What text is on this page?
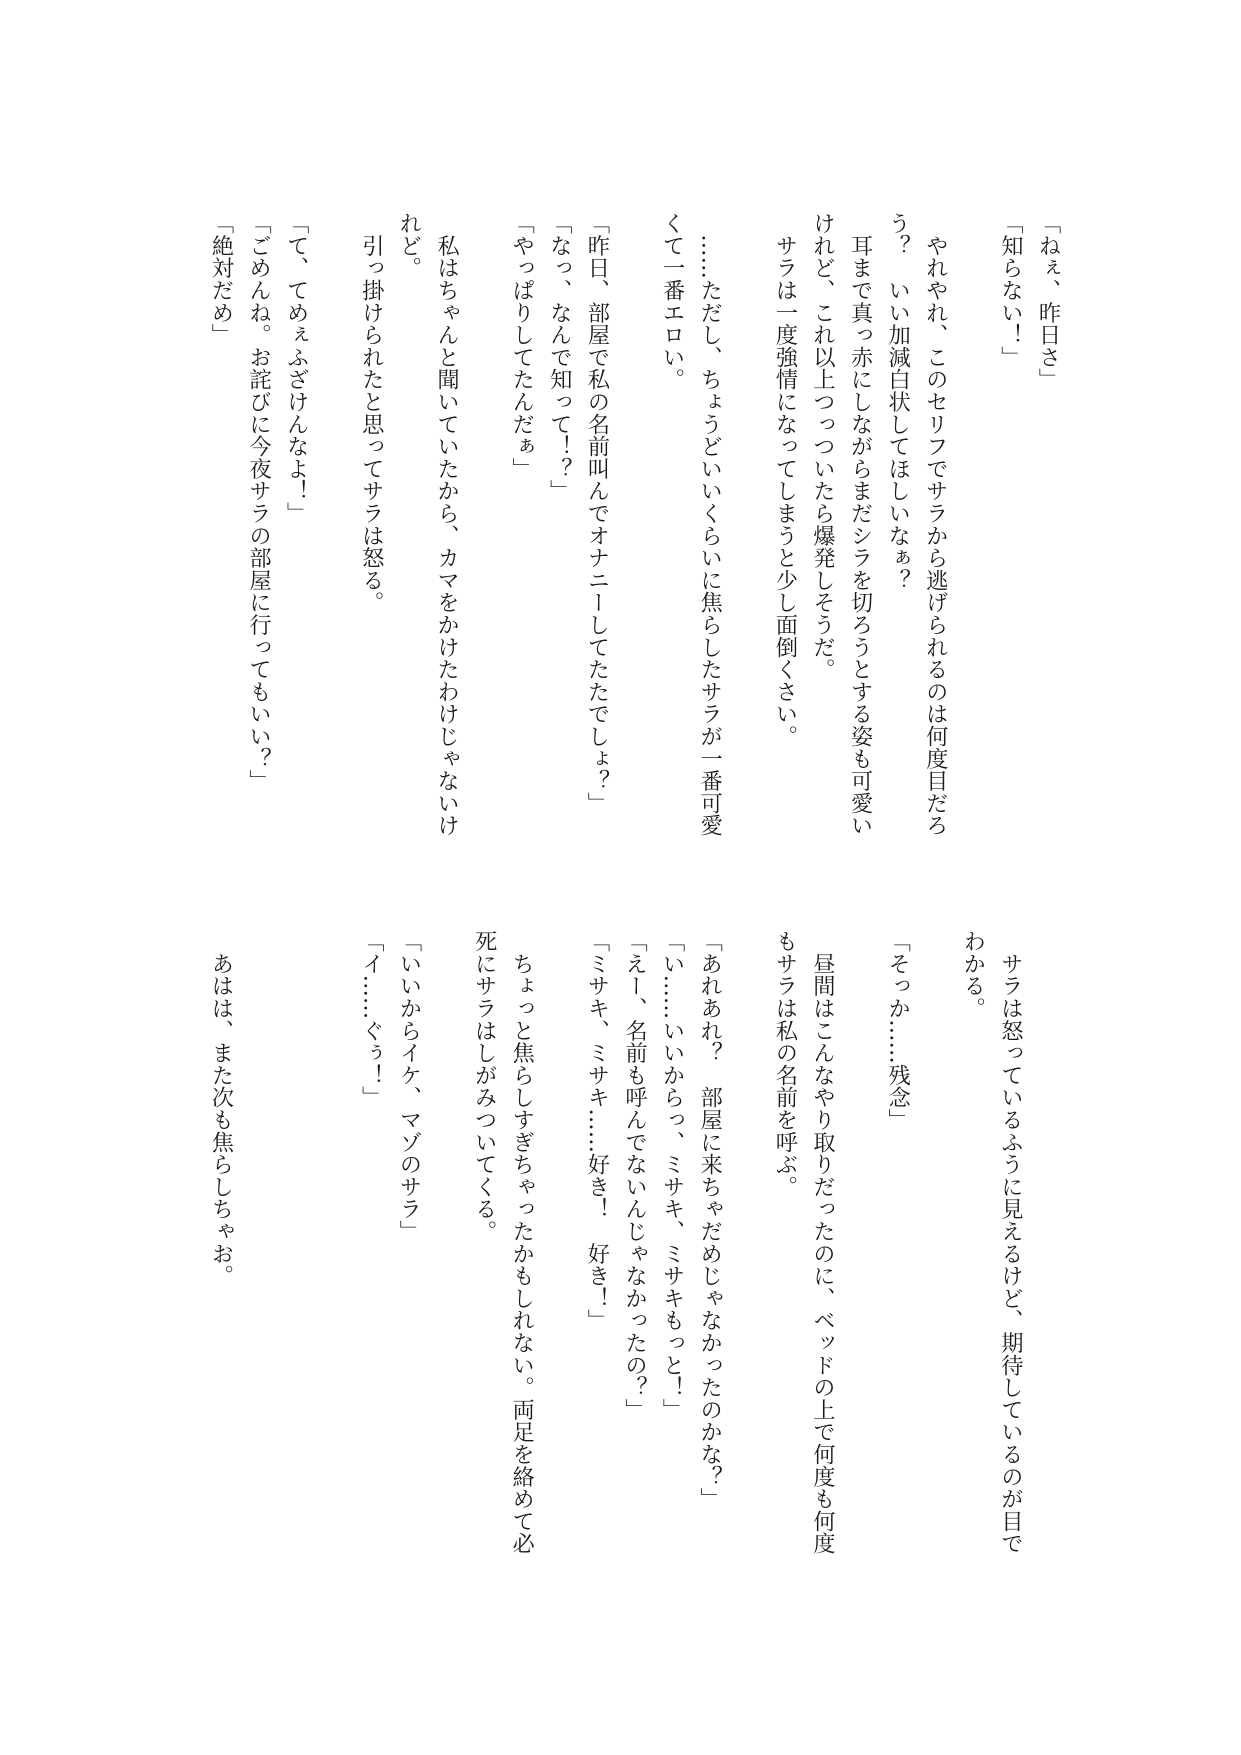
「ねぇ、昨日さ」
「知らない！」
　やれやれ、このセリフでサラから逃げられるのは何度目だろ
う？　いい加減白状してほしいなぁ？
　耳まで真っ赤にしながらまだシラを切ろうとする姿も可愛い
けれど、これ以上つっついたら爆発しそうだ。
　サラは一度強情になってしまうと少し面倒くさい。
　……ただし、ちょうどいいくらいに焦らしたサラが一番可愛
くて一番エロい。
「昨日、部屋で私の名前叫んでオナニーしてたたでしょ？」
「なっ、なんで知って！？」
「やっぱりしてたんだぁ」
　私はちゃんと聞いていたから、カマをかけたわけじゃないけ
れど。
　引っ掛けられたと思ってサラは怒る。
「て、てめぇふざけんなよ！」
「ごめんね。お詫びに今夜サラの部屋に行ってもいい？」
「絶対だめ」
　サラは怒っているふうに見えるけど、期待しているのが目で
わかる。
「そっか……残念」
　昼間はこんなやり取りだったのに、ベッドの上で何度も何度
もサラは私の名前を呼ぶ。
「あれあれ？　部屋に来ちゃだめじゃなかったのかな？」
「い……いいからっ、ミサキ、ミサキもっと！」
「えー、名前も呼んでないんじゃなかったの？」
「ミサキ、ミサキ……好き！　好き！」
　ちょっと焦らしすぎちゃったかもしれない。両足を絡めて必
死にサラはしがみついてくる。
「いいからイケ、マゾのサラ」
「イ……ぐぅ！」
　あはは、また次も焦らしちゃお。
